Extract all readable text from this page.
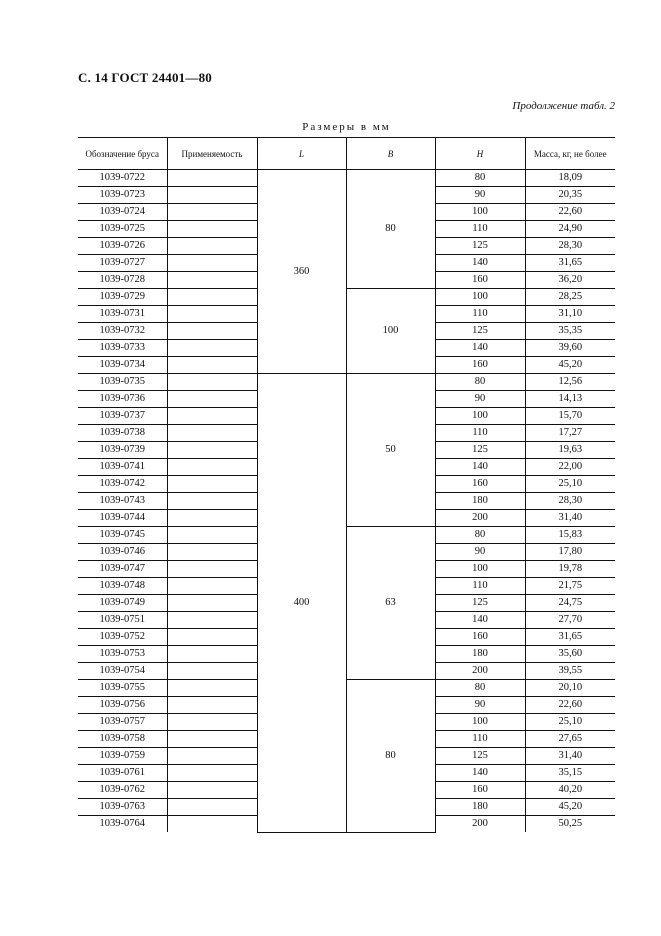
С. 14 ГОСТ 24401—80
Продолжение табл. 2
Размеры в мм
Обозначение бруса	Применяемость	L	B	H	Масса, кг, не более
1039-0722		360	80	80	18,09
1039-0723				90	20,35
1039-0724				100	22,60
1039-0725				110	24,90
1039-0726				125	28,30
1039-0727				140	31,65
1039-0728				160	36,20
1039-0729			100	100	28,25
1039-0731				110	31,10
1039-0732				125	35,35
1039-0733				140	39,60
1039-0734				160	45,20
1039-0735		400	50	80	12,56
1039-0736				90	14,13
1039-0737				100	15,70
1039-0738				110	17,27
1039-0739				125	19,63
1039-0741				140	22,00
1039-0742				160	25,10
1039-0743				180	28,30
1039-0744				200	31,40
1039-0745			63	80	15,83
1039-0746				90	17,80
1039-0747				100	19,78
1039-0748				110	21,75
1039-0749				125	24,75
1039-0751				140	27,70
1039-0752				160	31,65
1039-0753				180	35,60
1039-0754				200	39,55
1039-0755			80	80	20,10
1039-0756				90	22,60
1039-0757				100	25,10
1039-0758				110	27,65
1039-0759				125	31,40
1039-0761				140	35,15
1039-0762				160	40,20
1039-0763				180	45,20
1039-0764				200	50,25
